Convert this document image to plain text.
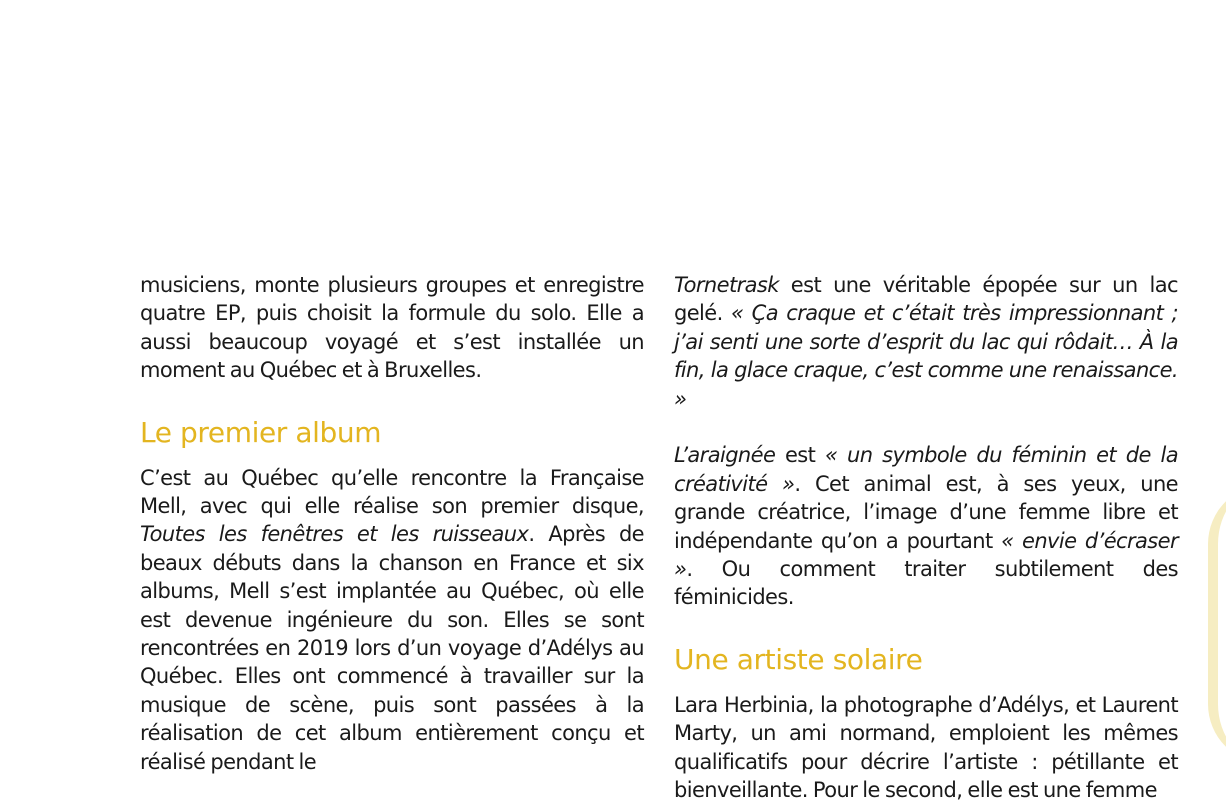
musiciens, monte plusieurs groupes et enregistre quatre EP, puis choisit la formule du solo. Elle a aussi beaucoup voyagé et s’est installée un moment au Québec et à Bruxelles.

Le premier album

C’est au Québec qu’elle rencontre la Française Mell, avec qui elle réalise son premier disque, Toutes les fenêtres et les ruisseaux. Après de beaux débuts dans la chanson en France et six albums, Mell s’est implantée au Québec, où elle est devenue ingénieure du son. Elles se sont rencontrées en 2019 lors d’un voyage d’Adélys au Québec. Elles ont commencé à travailler sur la musique de scène, puis sont passées à la réalisation de cet album entièrement conçu et réalisé pendant le

Tornetrask est une véritable épopée sur un lac gelé. « Ça craque et c’était très impressionnant ; j’ai senti une sorte d’esprit du lac qui rôdait… À la fin, la glace craque, c’est comme une renaissance. »

L’araignée est « un symbole du féminin et de la créativité ». Cet animal est, à ses yeux, une grande créatrice, l’image d’une femme libre et indépendante qu’on a pourtant « envie d’écraser ». Ou comment traiter subtilement des féminicides.

Une artiste solaire

Lara Herbinia, la photographe d’Adélys, et Laurent Marty, un ami normand, emploient les mêmes qualificatifs pour décrire l’artiste : pétillante et bienveillante. Pour le second, elle est une femme
